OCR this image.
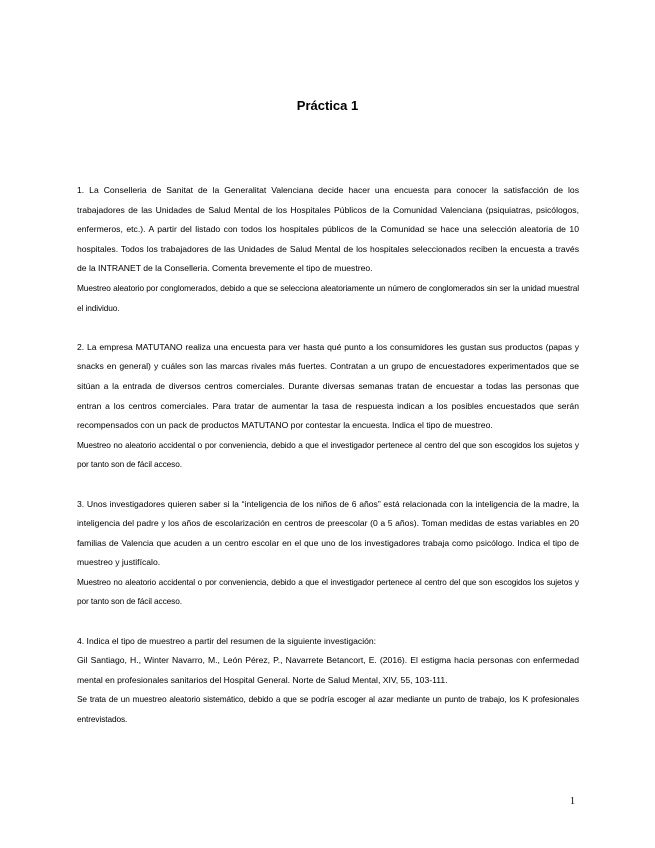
Práctica 1

1. La Conselleria de Sanitat de la Generalitat Valenciana decide hacer una encuesta para conocer la satisfacción de los trabajadores de las Unidades de Salud Mental de los Hospitales Públicos de la Comunidad Valenciana (psiquiatras, psicólogos, enfermeros, etc.). A partir del listado con todos los hospitales públicos de la Comunidad se hace una selección aleatoria de 10 hospitales. Todos los trabajadores de las Unidades de Salud Mental de los hospitales seleccionados reciben la encuesta a través de la INTRANET de la Conselleria. Comenta brevemente el tipo de muestreo.

Muestreo aleatorio por conglomerados, debido a que se selecciona aleatoriamente un número de conglomerados sin ser la unidad muestral el individuo.

2. La empresa MATUTANO realiza una encuesta para ver hasta qué punto a los consumidores les gustan sus productos (papas y snacks en general) y cuáles son las marcas rivales más fuertes. Contratan a un grupo de encuestadores experimentados que se sitúan a la entrada de diversos centros comerciales. Durante diversas semanas tratan de encuestar a todas las personas que entran a los centros comerciales. Para tratar de aumentar la tasa de respuesta indican a los posibles encuestados que serán recompensados con un pack de productos MATUTANO por contestar la encuesta. Indica el tipo de muestreo.

Muestreo no aleatorio accidental o por conveniencia, debido a que el investigador pertenece al centro del que son escogidos los sujetos y por tanto son de fácil acceso.

3. Unos investigadores quieren saber si la “inteligencia de los niños de 6 años” está relacionada con la inteligencia de la madre, la inteligencia del padre y los años de escolarización en centros de preescolar (0 a 5 años). Toman medidas de estas variables en 20 familias de Valencia que acuden a un centro escolar en el que uno de los investigadores trabaja como psicólogo. Indica el tipo de muestreo y justifícalo.

Muestreo no aleatorio accidental o por conveniencia, debido a que el investigador pertenece al centro del que son escogidos los sujetos y por tanto son de fácil acceso.

4. Indica el tipo de muestreo a partir del resumen de la siguiente investigación:

Gil Santiago, H., Winter Navarro, M., León Pérez, P., Navarrete Betancort, E. (2016). El estigma hacia personas con enfermedad mental en profesionales sanitarios del Hospital General. Norte de Salud Mental, XIV, 55, 103-111.

Se trata de un muestreo aleatorio sistemático, debido a que se podría escoger al azar mediante un punto de trabajo, los K profesionales entrevistados.

1
